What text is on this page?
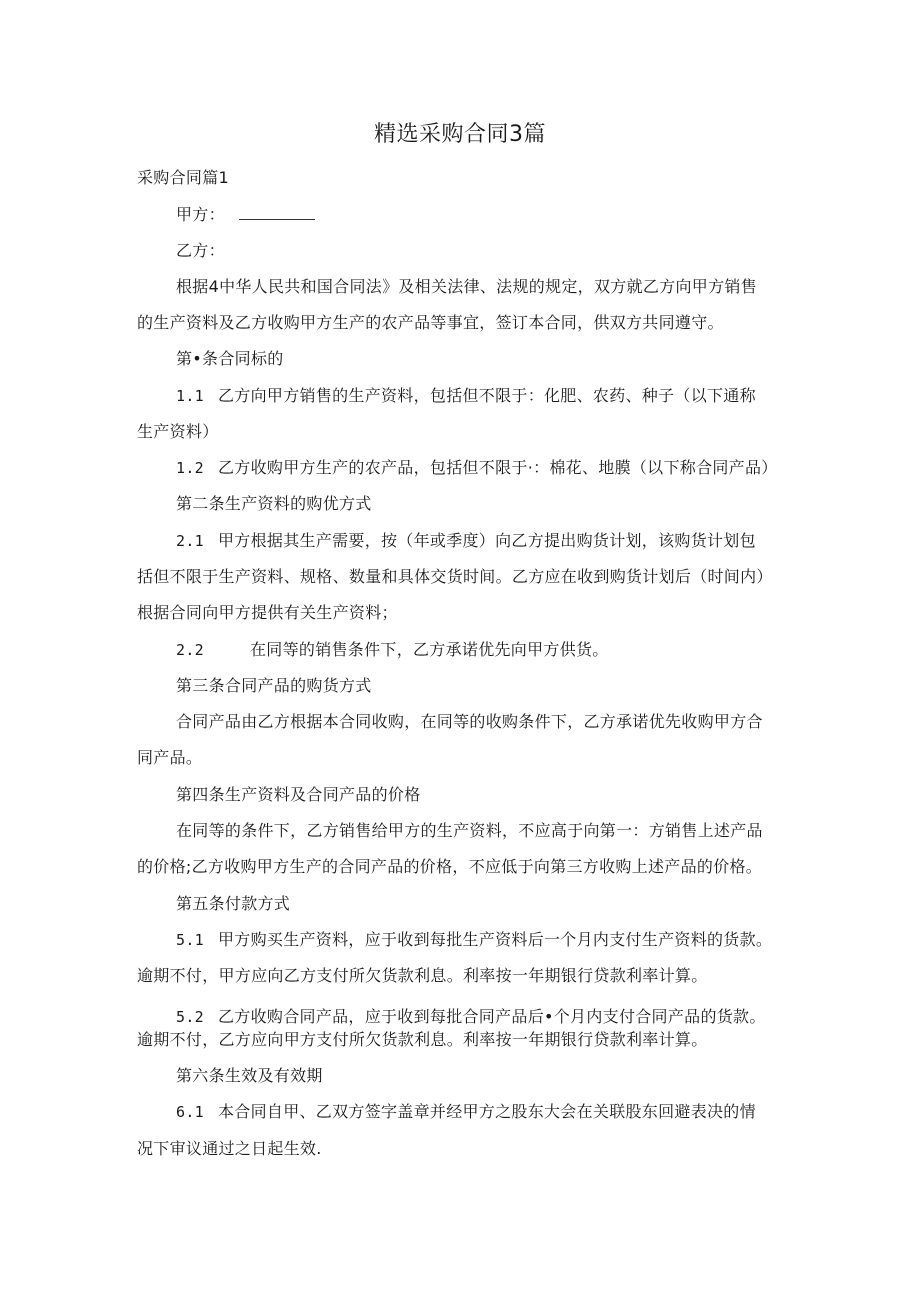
精选采购合同3篇
采购合同篇1
甲方：
乙方：
根据4中华人民共和国合同法》及相关法律、法规的规定，双方就乙方向甲方销售
的生产资料及乙方收购甲方生产的农产品等事宜，签订本合同，供双方共同遵守。
第•条合同标的
1.1 乙方向甲方销售的生产资料，包括但不限于：化肥、农药、种子（以下通称
生产资料）
1.2 乙方收购甲方生产的农产品，包括但不限于·：棉花、地膜（以下称合同产品）
第二条生产资料的购优方式
2.1 甲方根据其生产需要，按（年或季度）向乙方提出购货计划，该购货计划包
括但不限于生产资料、规格、数量和具体交货时间。乙方应在收到购货计划后（时间内）
根据合同向甲方提供有关生产资料；
2.2	在同等的销售条件下，乙方承诺优先向甲方供货。
第三条合同产品的购货方式
合同产品由乙方根据本合同收购，在同等的收购条件下，乙方承诺优先收购甲方合
同产品。
第四条生产资料及合同产品的价格
在同等的条件下，乙方销售给甲方的生产资料，不应高于向第一：方销售上述产品
的价格;乙方收购甲方生产的合同产品的价格，不应低于向第三方收购上述产品的价格。
第五条付款方式
5.1 甲方购买生产资料，应于收到每批生产资料后一个月内支付生产资料的货款。
逾期不付，甲方应向乙方支付所欠货款利息。利率按一年期银行贷款利率计算。
5.2 乙方收购合同产品，应于收到每批合同产品后•个月内支付合同产品的货款。
逾期不付，乙方应向甲方支付所欠货款利息。利率按一年期银行贷款利率计算。
第六条生效及有效期
6.1 本合同自甲、乙双方签字盖章并经甲方之股东大会在关联股东回避表决的情
况下审议通过之日起生效.
